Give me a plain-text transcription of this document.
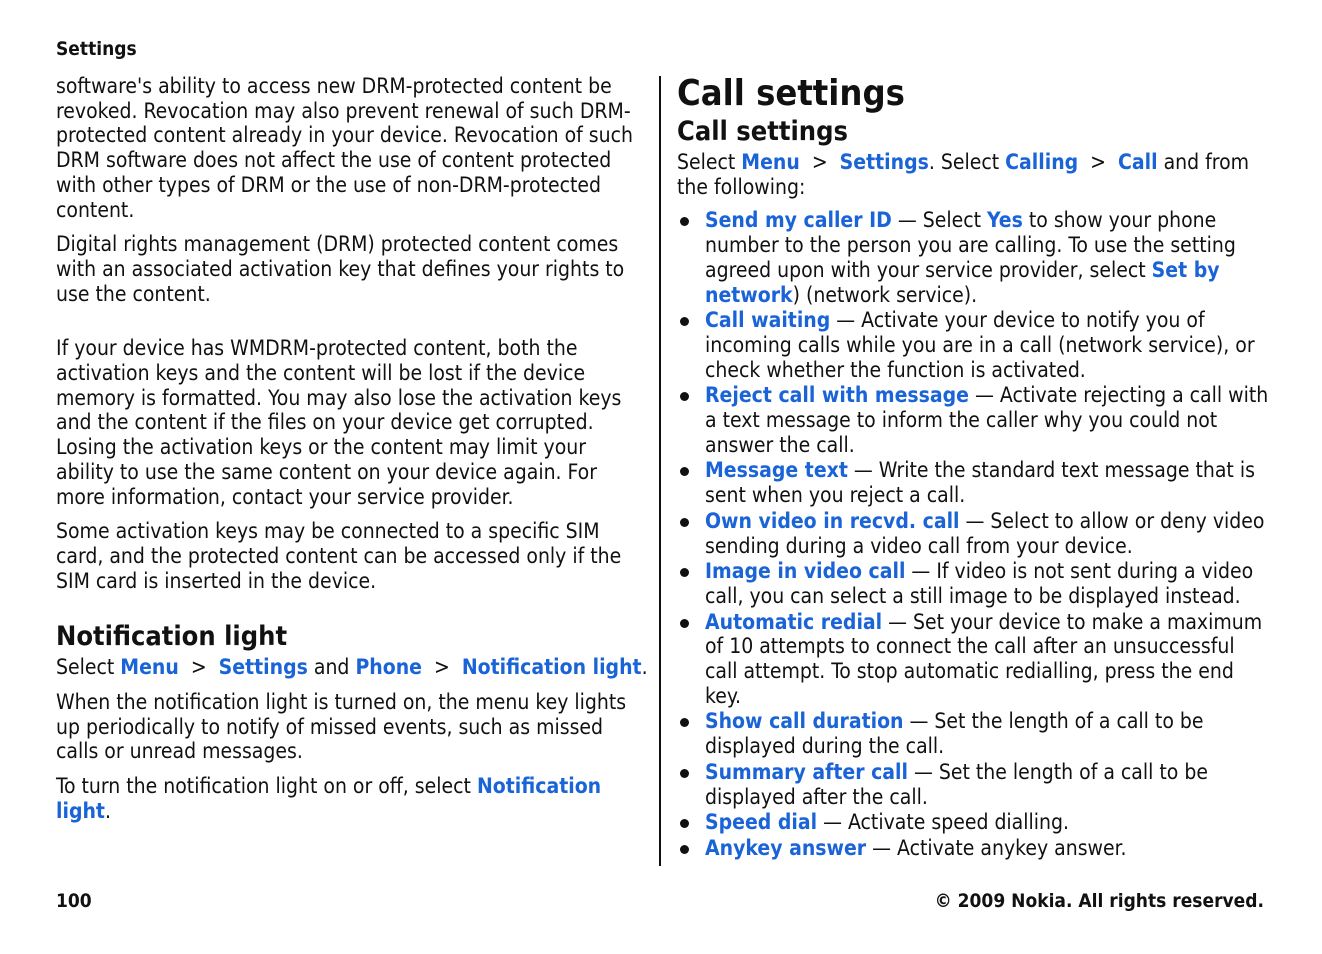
Settings

software's ability to access new DRM-protected content be revoked. Revocation may also prevent renewal of such DRM-protected content already in your device. Revocation of such DRM software does not affect the use of content protected with other types of DRM or the use of non-DRM-protected content.

Digital rights management (DRM) protected content comes with an associated activation key that defines your rights to use the content.

If your device has WMDRM-protected content, both the activation keys and the content will be lost if the device memory is formatted. You may also lose the activation keys and the content if the files on your device get corrupted. Losing the activation keys or the content may limit your ability to use the same content on your device again. For more information, contact your service provider.

Some activation keys may be connected to a specific SIM card, and the protected content can be accessed only if the SIM card is inserted in the device.

Notification light

Select Menu > Settings and Phone > Notification light.

When the notification light is turned on, the menu key lights up periodically to notify of missed events, such as missed calls or unread messages.

To turn the notification light on or off, select Notification light.

Call settings
Call settings

Select Menu > Settings. Select Calling > Call and from the following:

Send my caller ID — Select Yes to show your phone number to the person you are calling. To use the setting agreed upon with your service provider, select Set by network) (network service).
Call waiting — Activate your device to notify you of incoming calls while you are in a call (network service), or check whether the function is activated.
Reject call with message — Activate rejecting a call with a text message to inform the caller why you could not answer the call.
Message text — Write the standard text message that is sent when you reject a call.
Own video in recvd. call — Select to allow or deny video sending during a video call from your device.
Image in video call — If video is not sent during a video call, you can select a still image to be displayed instead.
Automatic redial — Set your device to make a maximum of 10 attempts to connect the call after an unsuccessful call attempt. To stop automatic redialling, press the end key.
Show call duration — Set the length of a call to be displayed during the call.
Summary after call — Set the length of a call to be displayed after the call.
Speed dial — Activate speed dialling.
Anykey answer — Activate anykey answer.
100	© 2009 Nokia. All rights reserved.
